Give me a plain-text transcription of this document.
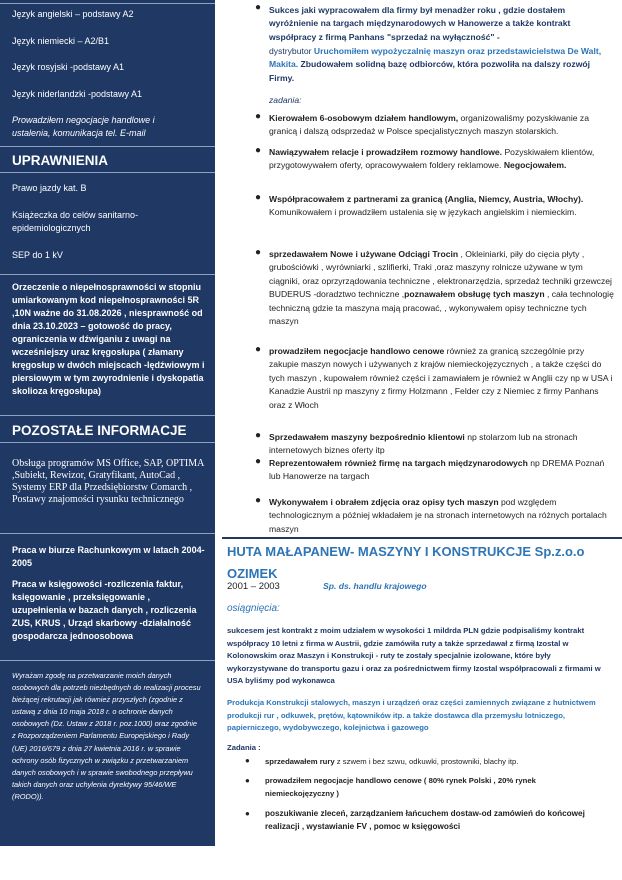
Język angielski – podstawy A2
Język niemiecki – A2/B1
Język rosyjski -podstawy A1
Język niderlandzki -podstawy A1
Prowadziłem negocjacje handlowe i ustalenia, komunikacja tel. E-mail
UPRAWNIENIA
Prawo jazdy kat. B
Książeczka do celów sanitarno-epidemiologicznych
SEP do 1 kV
Orzeczenie o niepełnosprawności w stopniu umiarkowanym kod niepełnosprawności 5R ,10N ważne do 31.08.2026 , niesprawność od dnia 23.10.2023 – gotowość do pracy, ograniczenia w dźwiganiu z uwagi na wcześniejszy uraz kręgosłupa ( złamany kręgosłup w dwóch miejscach -lędźwiowym i piersiowym w tym zwyrodnienie i dyskopatia skolioza kręgosłupa)
POZOSTAŁE INFORMACJE
Obsługa programów MS Office, SAP, OPTIMA ,Subiekt, Rewizor, Gratyfikant, AutoCad , Systemy ERP dla Przedsiębiorstw Comarch , Postawy znajomości rysunku technicznego
Praca w biurze Rachunkowym w latach 2004-2005
Praca w księgowości -rozliczenia faktur, księgowanie , przeksięgowanie , uzupełnienia w bazach danych , rozliczenia ZUS, KRUS , Urząd skarbowy -działalność gospodarcza jednoosobowa
Wyrażam zgodę na przetwarzanie moich danych osobowych dla potrzeb niezbędnych do realizacji procesu bieżącej rekrutacji jak również przyszłych (zgodnie z ustawą z dnia 10 maja 2018 r. o ochronie danych osobowych (Dz. Ustaw z 2018 r. poz.1000) oraz zgodnie z Rozporządzeniem Parlamentu Europejskiego i Rady (UE) 2016/679 z dnia 27 kwietnia 2016 r. w sprawie ochrony osób fizycznych w związku z przetwarzaniem danych osobowych i w sprawie swobodnego przepływu takich danych oraz uchylenia dyrektywy 95/46/WE (RODO)).
● Sukces jaki wypracowałem dla firmy był menadżer roku , gdzie dostałem wyróżnienie na targach międzynarodowych w Hanowerze a także kontrakt współpracy z firmą Panhans "sprzedaż na wyłączność" -
dystrybutor Uruchomiłem wypożyczalnię maszyn oraz przedstawicielstwa De Walt, Makita. Zbudowałem solidną bazę odbiorców, która pozwoliła na dalszy rozwój Firmy.
zadania:
● Kierowałem 6-osobowym działem handlowym, organizowaliśmy pozyskiwanie za granicą i dalszą odsprzedaż w Polsce specjalistycznych maszyn stolarskich.
● Nawiązywałem relacje i prowadziłem rozmowy handlowe. Pozyskiwałem klientów, przygotowywałem oferty, opracowywałem foldery reklamowe. Negocjowałem.
● Współpracowałem z partnerami za granicą (Anglia, Niemcy, Austria, Włochy). Komunikowałem i prowadziłem ustalenia się w językach angielskim i niemieckim.
● sprzedawałem Nowe i używane Odciągi Trocin , Okleiniarki, piły do cięcia płyty , grubościówki , wyrówniarki , szlifierki, Traki ,oraz maszyny rolnicze używane w tym ciągniki, oraz oprzyrządowania techniczne , elektronarzędzia, sprzedaż techniki grzewczej BUDERUS -doradztwo techniczne ,poznawałem obsługę tych maszyn , cała technologię techniczną gdzie ta maszyna mają pracować, , wykonywałem opisy techniczne tych maszyn
● prowadziłem negocjacje handlowo cenowe również za granicą szczególnie przy zakupie maszyn nowych i używanych z krajów niemieckojęzycznych , a także części do tych maszyn , kupowałem również części i zamawiałem je również w Anglii czy np w USA i Kanadzie Austrii np maszyny z firmy Holzmann , Felder czy z Niemiec z firmy Panhans oraz z Włoch
● Sprzedawałem maszyny bezpośrednio klientowi np stolarzom lub na stronach internetowych biznes oferty itp
● Reprezentowałem również firmę na targach międzynarodowych np DREMA Poznań lub Hanowerze na targach
● Wykonywałem i obrałem zdjęcia oraz opisy tych maszyn pod względem technologicznym a później wkładałem je na stronach internetowych na różnych portalach maszyn
HUTA MAŁAPANEW- MASZYNY I KONSTRUKCJE Sp.z.o.o OZIMEK
2001 – 2003	Sp. ds. handlu krajowego
osiągnięcia:
sukcesem jest kontrakt z moim udziałem w wysokości 1 mildrda PLN gdzie podpisaliśmy kontrakt współpracy 10 letni z firma w Austrii, gdzie zamówiła ruty a także sprzedawał z firmą Izostal w Kolonowskim oraz Maszyn i Konstrukcji - ruty te zostały specjalnie izolowane, które były wykorzystywane do transportu gazu i oraz za pośrednictwem firmy Izostal współpracowali z firmami w USA byliśmy pod wykonawca
Produkcja Konstrukcji stalowych, maszyn i urządzeń oraz części zamiennych związane z hutnictwem produkcji rur , odkuwek, prętów, kątowników itp. a także dostawca dla przemysłu lotniczego, papierniczego, wydobywczego, kolejnictwa i gazowego
Zadania :
● sprzedawałem rury z szwem i bez szwu, odkuwki, prostowniki, blachy itp.
● prowadziłem negocjacje handlowo cenowe ( 80% rynek Polski , 20% rynek niemieckojęzyczny )
● poszukiwanie zleceń, zarządzaniem łańcuchem dostaw-od zamówień do końcowej realizacji , wystawianie FV , pomoc w księgowości
